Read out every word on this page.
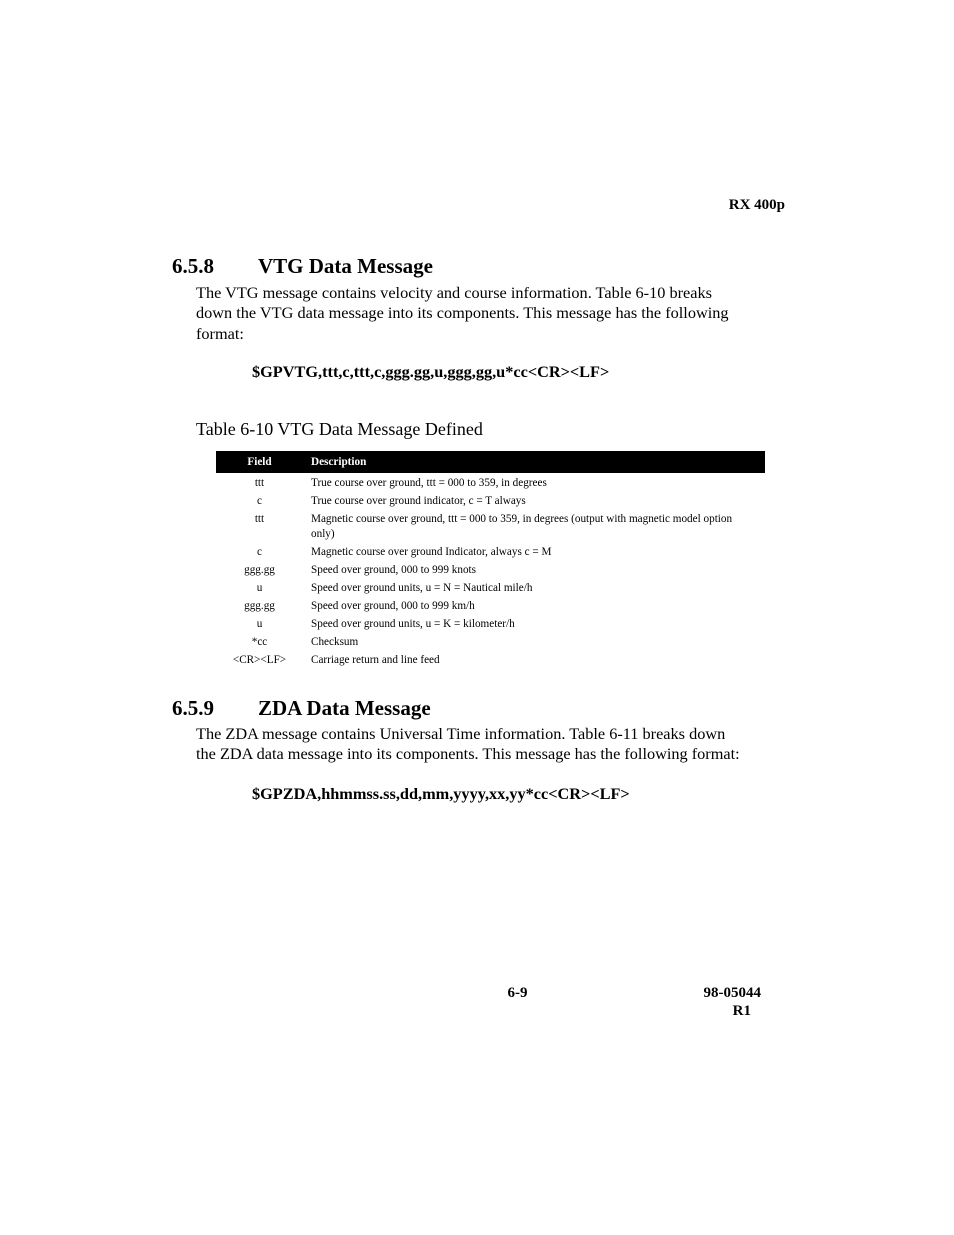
RX 400p
6.5.8 VTG Data Message
The VTG message contains velocity and course information. Table 6-10 breaks
down the VTG data message into its components. This message has the following
format:
$GPVTG,ttt,c,ttt,c,ggg.gg,u,ggg,gg,u*cc<CR><LF>
Table 6-10 VTG Data Message Defined
Field	Description
ttt	True course over ground, ttt = 000 to 359, in degrees
c	True course over ground indicator, c = T always
ttt	Magnetic course over ground, ttt = 000 to 359, in degrees (output with magnetic model option only)
c	Magnetic course over ground Indicator, always c = M
ggg.gg	Speed over ground, 000 to 999 knots
u	Speed over ground units, u = N = Nautical mile/h
ggg.gg	Speed over ground, 000 to 999 km/h
u	Speed over ground units, u = K = kilometer/h
*cc	Checksum
<CR><LF>	Carriage return and line feed
6.5.9 ZDA Data Message
The ZDA message contains Universal Time information. Table 6-11 breaks down
the ZDA data message into its components. This message has the following format:
$GPZDA,hhmmss.ss,dd,mm,yyyy,xx,yy*cc<CR><LF>
6-9	98-05044
R1
